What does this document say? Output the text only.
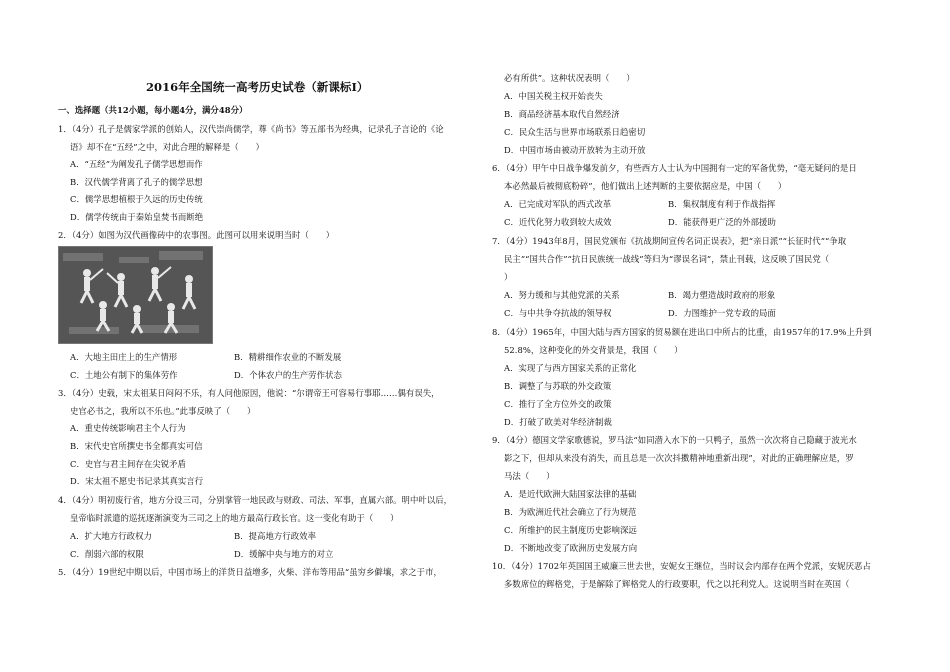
2016年全国统一高考历史试卷（新课标Ⅰ）
一、选择题（共12小题，每小题4分，满分48分）
1．（4分）孔子是儒家学派的创始人，汉代崇尚儒学，尊《尚书》等五部书为经典，记录孔子言论的《论
语》却不在“五经”之中，对此合理的解释是（　　）
A．“五经”为阐发孔子儒学思想而作
B．汉代儒学背离了孔子的儒学思想
C．儒学思想植根于久远的历史传统
D．儒学传统由于秦始皇焚书而断绝
2．（4分）如图为汉代画像砖中的农事图。此图可以用来说明当时（　　）
A．大地主田庄上的生产情形	B．精耕细作农业的不断发展
C．土地公有制下的集体劳作	D．个体农户的生产劳作状态
3．（4分）史载，宋太祖某日闷闷不乐，有人问他原因，他说：“尔谓帝王可容易行事耶……偶有误失，
史官必书之，我所以不乐也。”此事反映了（　　）
A．重史传统影响君主个人行为
B．宋代史官所撰史书全都真实可信
C．史官与君主间存在尖锐矛盾
D．宋太祖不愿史书记录其真实言行
4．（4分）明初废行省，地方分设三司，分别掌管一地民政与财政、司法、军事，直属六部。明中叶以后，
皇帝临时派遣的巡抚逐渐演变为三司之上的地方最高行政长官。这一变化有助于（　　）
A．扩大地方行政权力	B．提高地方行政效率
C．削弱六部的权限	D．缓解中央与地方的对立
5．（4分）19世纪中期以后，中国市场上的洋货日益增多，火柴、洋布等用品“虽穷乡僻壤，求之于市，
必有所供”。这种状况表明（　　）
A．中国关税主权开始丧失
B．商品经济基本取代自然经济
C．民众生活与世界市场联系日趋密切
D．中国市场由被动开放转为主动开放
6．（4分）甲午中日战争爆发前夕，有些西方人士认为中国拥有一定的军备优势，“毫无疑问的是日
本必然最后被彻底粉碎”，他们做出上述判断的主要依据应是，中国（　　）
A．已完成对军队的西式改革	B．集权制度有利于作战指挥
C．近代化努力收到较大成效	D．能获得更广泛的外部援助
7．（4分）1943年8月，国民党颁布《抗战期间宣传名词正误表》，把“亲日派”“长征时代”“争取
民主”“国共合作”“抗日民族统一战线”等归为“谬误名词”，禁止刊载，这反映了国民党（
）
A．努力缓和与其他党派的关系	B．竭力塑造战时政府的形象
C．与中共争夺抗战的领导权	D．力图维护一党专政的局面
8．（4分）1965年，中国大陆与西方国家的贸易额在进出口中所占的比重，由1957年的17.9%上升到
52.8%，这种变化的外交背景是，我国（　　）
A．实现了与西方国家关系的正常化
B．调整了与苏联的外交政策
C．推行了全方位外交的政策
D．打破了欧美对华经济制裁
9．（4分）德国文学家歌德说，罗马法“如同潜入水下的一只鸭子，虽然一次次将自己隐藏于波光水
影之下，但却从来没有消失，而且总是一次次抖擞精神地重新出现”，对此的正确理解应是，罗
马法（　　）
A．是近代欧洲大陆国家法律的基础
B．为欧洲近代社会确立了行为规范
C．所维护的民主制度历史影响深远
D．不断地改变了欧洲历史发展方向
10．（4分）1702年英国国王威廉三世去世，安妮女王继位，当时议会内部存在两个党派，安妮厌恶占
多数席位的辉格党，于是解除了辉格党人的行政要职，代之以托利党人。这说明当时在英国（
